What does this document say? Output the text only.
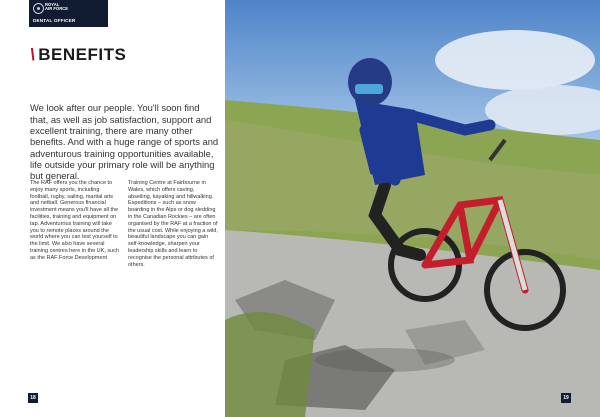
ROYAL
AIR FORCE
DENTAL OFFICER
\ BENEFITS

We look after our people. You'll soon find that, as well as job satisfaction, support and excellent training, there are many other benefits. And with a huge range of sports and adventurous training opportunities available, life outside your primary role will be anything but general.

The RAF offers you the chance to enjoy many sports, including football, rugby, sailing, martial arts and netball. Generous financial investment means you'll have all the facilities, training and equipment on tap. Adventurous training will take you to remote places around the world where you can test yourself to the limit. We also have several training centres here in the UK, such as the RAF Force Development
Training Centre at Fairbourne in Wales, which offers caving, abseiling, kayaking and hillwalking. Expeditions – such as snow boarding in the Alps or dog sledding in the Canadian Rockies – are often organised by the RAF at a fraction of the usual cost. While enjoying a wild, beautiful landscape you can gain self-knowledge, sharpen your leadership skills and learn to recognise the personal attributes of others.
18	19
